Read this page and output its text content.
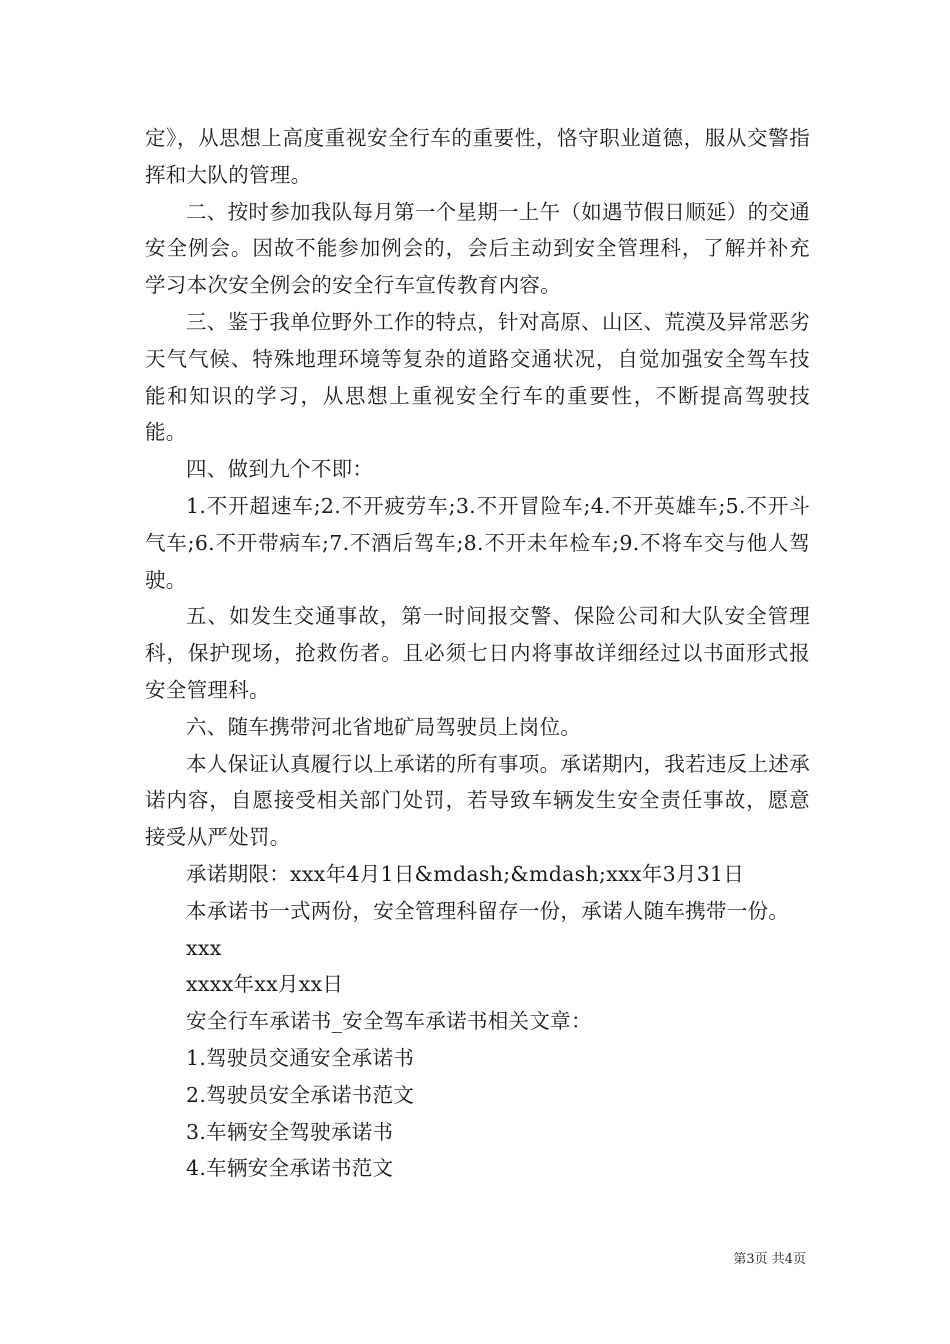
定》，从思想上高度重视安全行车的重要性，恪守职业道德，服从交警指挥和大队的管理。

二、按时参加我队每月第一个星期一上午（如遇节假日顺延）的交通安全例会。因故不能参加例会的，会后主动到安全管理科，了解并补充学习本次安全例会的安全行车宣传教育内容。

三、鉴于我单位野外工作的特点，针对高原、山区、荒漠及异常恶劣天气气候、特殊地理环境等复杂的道路交通状况，自觉加强安全驾车技能和知识的学习，从思想上重视安全行车的重要性，不断提高驾驶技能。

四、做到九个不即：

1.不开超速车;2.不开疲劳车;3.不开冒险车;4.不开英雄车;5.不开斗气车;6.不开带病车;7.不酒后驾车;8.不开未年检车;9.不将车交与他人驾驶。

五、如发生交通事故，第一时间报交警、保险公司和大队安全管理科，保护现场，抢救伤者。且必须七日内将事故详细经过以书面形式报安全管理科。

六、随车携带河北省地矿局驾驶员上岗位。

本人保证认真履行以上承诺的所有事项。承诺期内，我若违反上述承诺内容，自愿接受相关部门处罚，若导致车辆发生安全责任事故，愿意接受从严处罚。

承诺期限：xxx年4月1日&mdash;&mdash;xxx年3月31日

本承诺书一式两份，安全管理科留存一份，承诺人随车携带一份。

xxx

xxxx年xx月xx日

安全行车承诺书_安全驾车承诺书相关文章：

1.驾驶员交通安全承诺书

2.驾驶员安全承诺书范文

3.车辆安全驾驶承诺书

4.车辆安全承诺书范文

第3页 共4页
